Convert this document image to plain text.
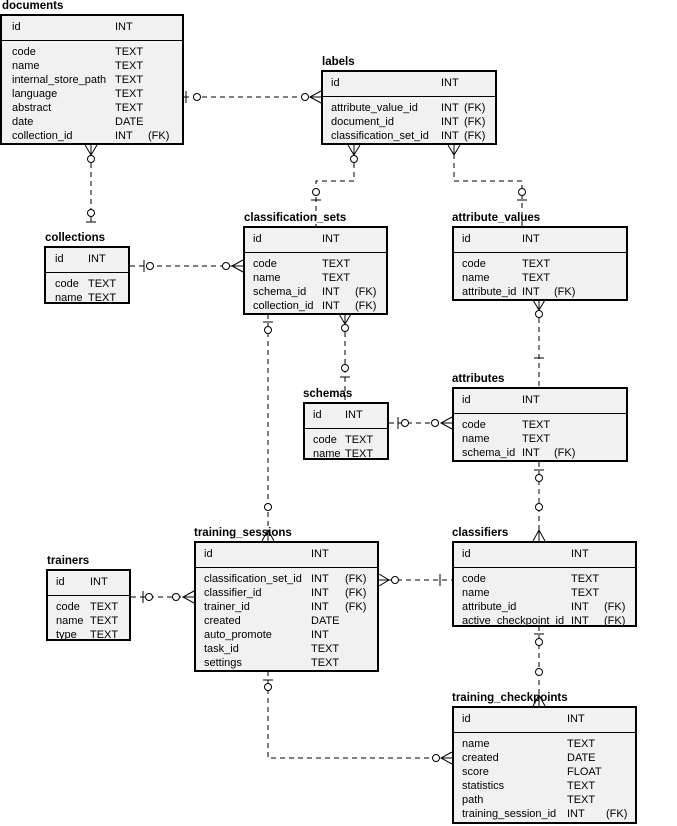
documents
id	INT
code	TEXT
name	TEXT
internal_store_path TEXT
language	TEXT
abstract	TEXT
date	DATE
collection_id	INT (FK)
labels
id	INT
attribute_value_id INT (FK)
document_id	INT (FK)
classification_set_id INT (FK)
collections
id INT
code TEXT
name TEXT
classification_sets
id	INT
code	TEXT
name	TEXT
schema_id INT (FK)
collection_id INT (FK)
attribute_values
id	INT
code	TEXT
name	TEXT
attribute_id INT (FK)
schemas
id INT
code TEXT
name TEXT
attributes
id	INT
code	TEXT
name	TEXT
schema_id INT (FK)
trainers
id INT
code TEXT
name TEXT
type TEXT
training_sessions
id	INT
classification_set_id INT (FK)
classifier_id	INT (FK)
trainer_id	INT (FK)
created	DATE
auto_promote	INT
task_id	TEXT
settings	TEXT
classifiers
id	INT
code	TEXT
name	TEXT
attribute_id	INT (FK)
active_checkpoint_id INT (FK)
training_checkpoints
id	INT
name	TEXT
created	DATE
score	FLOAT
statistics	TEXT
path	TEXT
training_session_id INT (FK)
